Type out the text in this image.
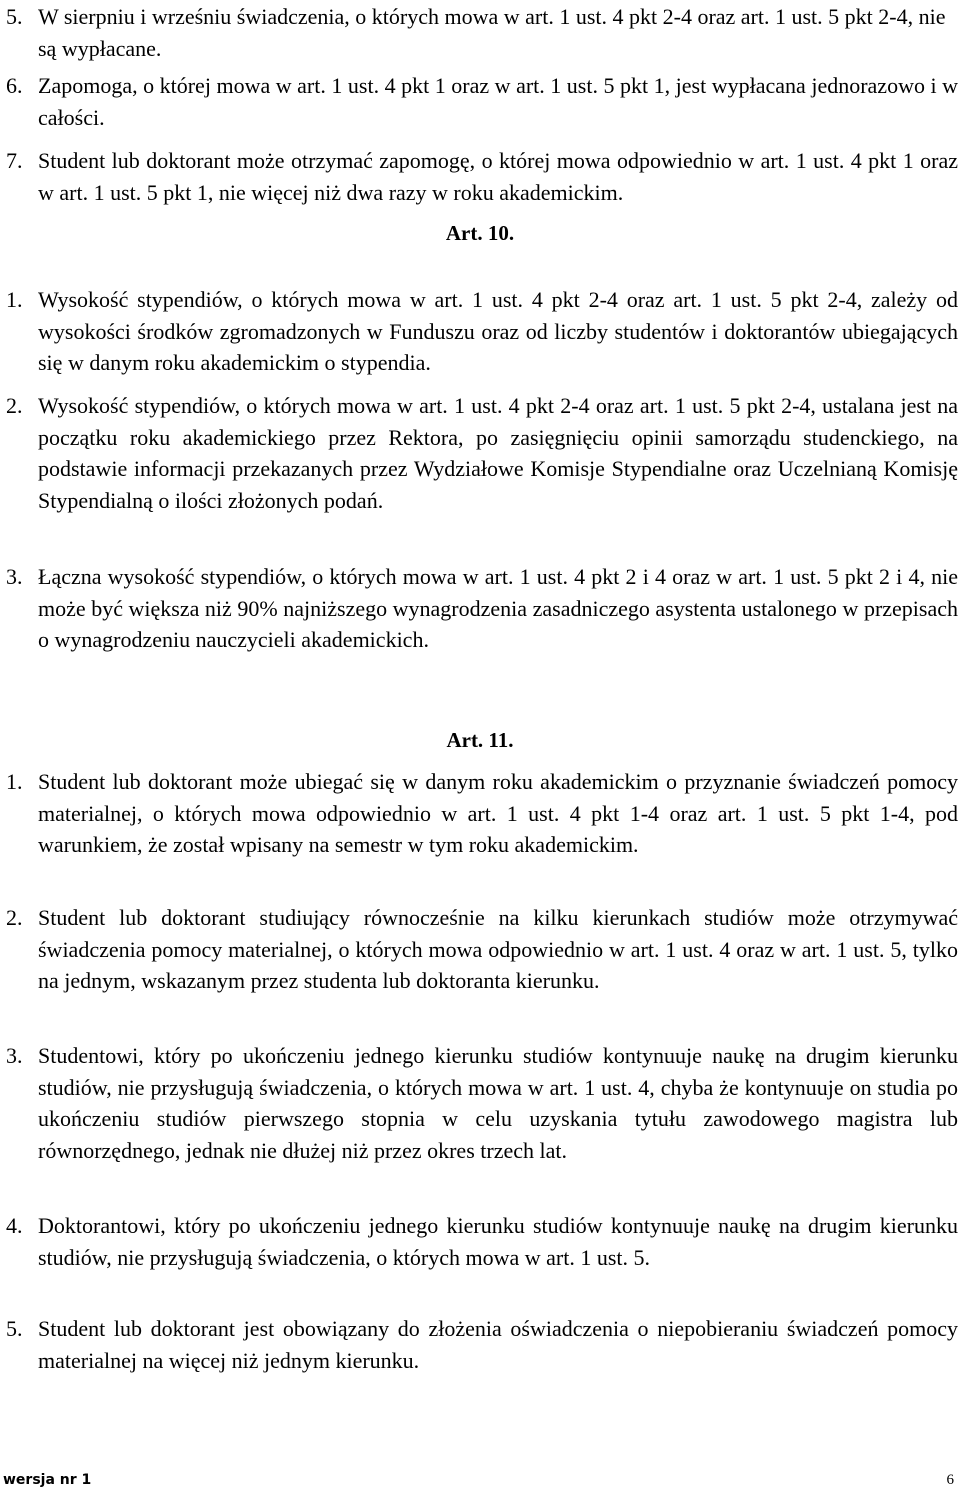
5. W sierpniu i wrześniu świadczenia, o których mowa w art. 1 ust. 4 pkt 2-4 oraz art. 1 ust. 5 pkt 2-4, nie są wypłacane.
6. Zapomoga, o której mowa w art. 1 ust. 4 pkt 1 oraz w art. 1 ust. 5 pkt 1, jest wypłacana jednorazowo i w całości.
7. Student lub doktorant może otrzymać zapomogę, o której mowa odpowiednio w art. 1 ust. 4 pkt 1 oraz w art. 1 ust. 5 pkt 1, nie więcej niż dwa razy w roku akademickim.
Art. 10.
1. Wysokość stypendiów, o których mowa w art. 1 ust. 4 pkt 2-4 oraz art. 1 ust. 5 pkt 2-4, zależy od wysokości środków zgromadzonych w Funduszu oraz od liczby studentów i doktorantów ubiegających się w danym roku akademickim o stypendia.
2. Wysokość stypendiów, o których mowa w art. 1 ust. 4 pkt 2-4 oraz art. 1 ust. 5 pkt 2-4, ustalana jest na początku roku akademickiego przez Rektora, po zasięgnięciu opinii samorządu studenckiego, na podstawie informacji przekazanych przez Wydziałowe Komisje Stypendialne oraz Uczelnianą Komisję Stypendialną o ilości złożonych podań.
3. Łączna wysokość stypendiów, o których mowa w art. 1 ust. 4 pkt 2 i 4 oraz w art. 1 ust. 5 pkt 2 i 4, nie może być większa niż 90% najniższego wynagrodzenia zasadniczego asystenta ustalonego w przepisach o wynagrodzeniu nauczycieli akademickich.
Art. 11.
1. Student lub doktorant może ubiegać się w danym roku akademickim o przyznanie świadczeń pomocy materialnej, o których mowa odpowiednio w art. 1 ust. 4 pkt 1-4 oraz art. 1 ust. 5 pkt 1-4, pod warunkiem, że został wpisany na semestr w tym roku akademickim.
2. Student lub doktorant studiujący równocześnie na kilku kierunkach studiów może otrzymywać świadczenia pomocy materialnej, o których mowa odpowiednio w art. 1 ust. 4 oraz w art. 1 ust. 5, tylko na jednym, wskazanym przez studenta lub doktoranta kierunku.
3. Studentowi, który po ukończeniu jednego kierunku studiów kontynuuje naukę na drugim kierunku studiów, nie przysługują świadczenia, o których mowa w art. 1 ust. 4, chyba że kontynuuje on studia po ukończeniu studiów pierwszego stopnia w celu uzyskania tytułu zawodowego magistra lub równorzędnego, jednak nie dłużej niż przez okres trzech lat.
4. Doktorantowi, który po ukończeniu jednego kierunku studiów kontynuuje naukę na drugim kierunku studiów, nie przysługują świadczenia, o których mowa w art. 1 ust. 5.
5. Student lub doktorant jest obowiązany do złożenia oświadczenia o niepobieraniu świadczeń pomocy materialnej na więcej niż jednym kierunku.
wersja nr 1	6
